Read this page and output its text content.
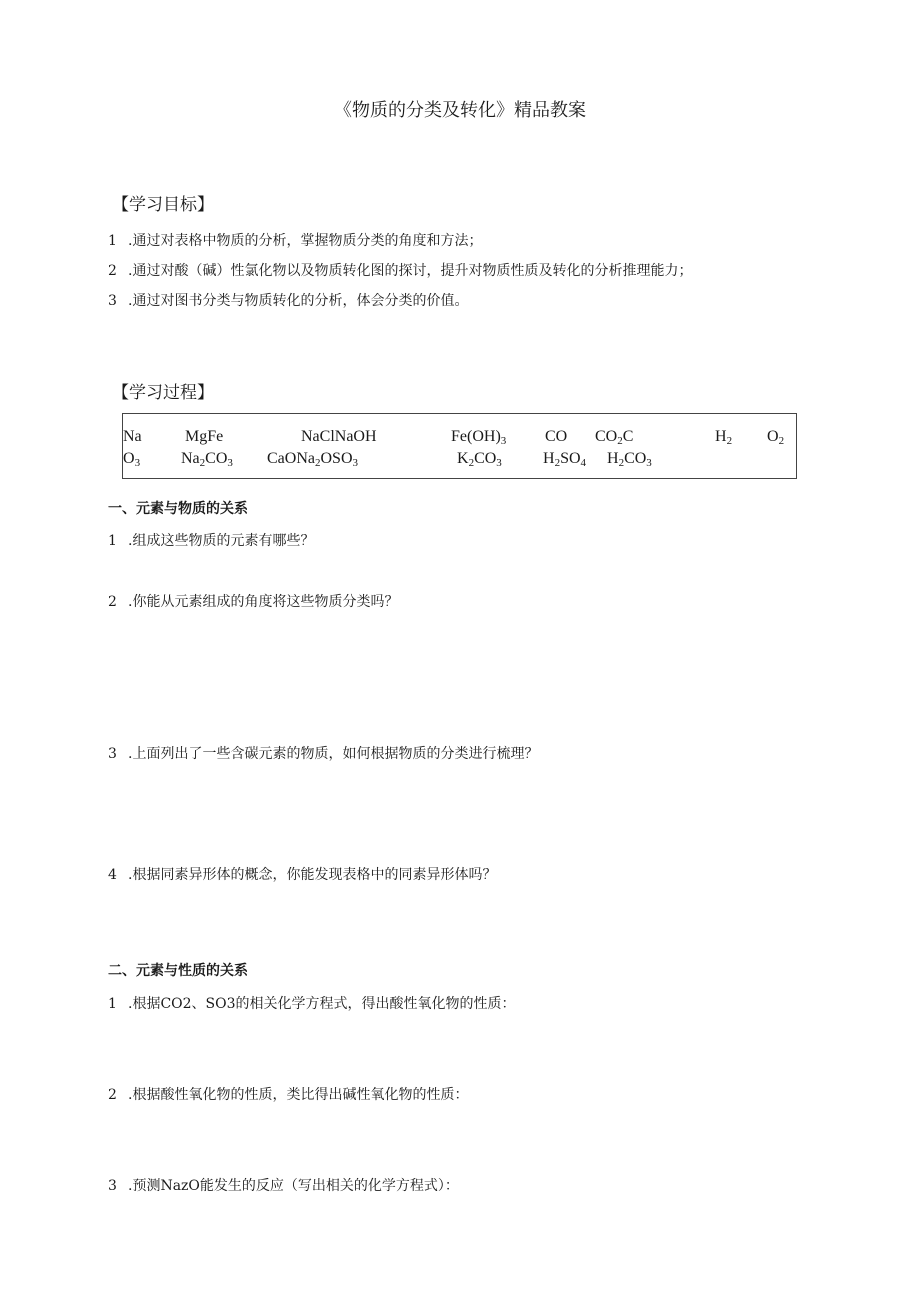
《物质的分类及转化》精品教案
【学习目标】
1 .通过对表格中物质的分析，掌握物质分类的角度和方法；
2 .通过对酸（碱）性氯化物以及物质转化图的探讨，提升对物质性质及转化的分析推理能力；
3 .通过对图书分类与物质转化的分析，体会分类的价值。
【学习过程】
Na	MgFe	NaClNaOH	$Fe(OH)_3$ CO $CO_2C$	$H_2$ $O_2$
$O_3$	$Na_2CO_3$ $CaONa_2OSO_3$	$K_2CO_3$	$H_2SO_4$ $H_2CO_3$
一、元素与物质的关系
1 .组成这些物质的元素有哪些？
2 .你能从元素组成的角度将这些物质分类吗？
3 .上面列出了一些含碳元素的物质，如何根据物质的分类进行梳理？
4 .根据同素异形体的概念，你能发现表格中的同素异形体吗？
二、元素与性质的关系
1 .根据CO2、SO3的相关化学方程式，得出酸性氧化物的性质：
2 .根据酸性氧化物的性质，类比得出碱性氧化物的性质：
3 .预测NazO能发生的反应（写出相关的化学方程式）：
